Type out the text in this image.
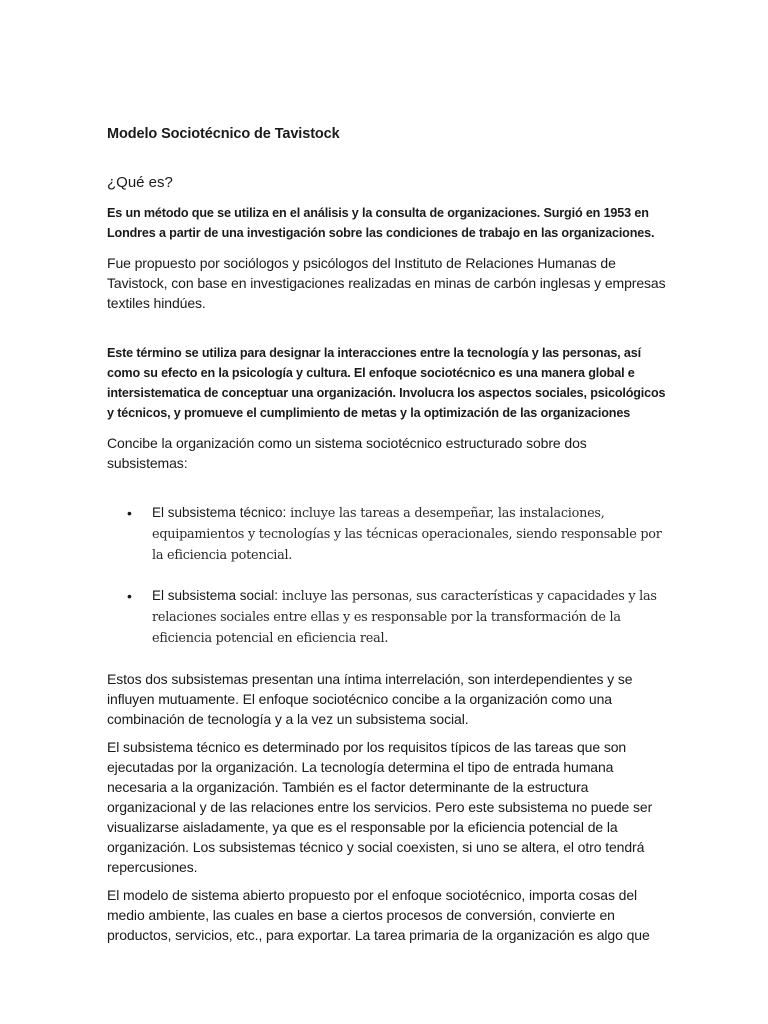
Modelo Sociotécnico de Tavistock

¿Qué es?

Es un método que se utiliza en el análisis y la consulta de organizaciones. Surgió en 1953 en Londres a partir de una investigación sobre las condiciones de trabajo en las organizaciones.

Fue propuesto por sociólogos y psicólogos del Instituto de Relaciones Humanas de Tavistock, con base en investigaciones realizadas en minas de carbón inglesas y empresas textiles hindúes.

Este término se utiliza para designar la interacciones entre la tecnología y las personas, así como su efecto en la psicología y cultura. El enfoque sociotécnico es una manera global e intersistematica de conceptuar una organización. Involucra los aspectos sociales, psicológicos y técnicos, y promueve el cumplimiento de metas y la optimización de las organizaciones

Concibe la organización como un sistema sociotécnico estructurado sobre dos subsistemas:

• El subsistema técnico: incluye las tareas a desempeñar, las instalaciones, equipamientos y tecnologías y las técnicas operacionales, siendo responsable por la eficiencia potencial.
• El subsistema social: incluye las personas, sus características y capacidades y las relaciones sociales entre ellas y es responsable por la transformación de la eficiencia potencial en eficiencia real.

Estos dos subsistemas presentan una íntima interrelación, son interdependientes y se influyen mutuamente. El enfoque sociotécnico concibe a la organización como una combinación de tecnología y a la vez un subsistema social.

El subsistema técnico es determinado por los requisitos típicos de las tareas que son ejecutadas por la organización. La tecnología determina el tipo de entrada humana necesaria a la organización. También es el factor determinante de la estructura organizacional y de las relaciones entre los servicios. Pero este subsistema no puede ser visualizarse aisladamente, ya que es el responsable por la eficiencia potencial de la organización. Los subsistemas técnico y social coexisten, si uno se altera, el otro tendrá repercusiones.

El modelo de sistema abierto propuesto por el enfoque sociotécnico, importa cosas del medio ambiente, las cuales en base a ciertos procesos de conversión, convierte en productos, servicios, etc., para exportar. La tarea primaria de la organización es algo que
